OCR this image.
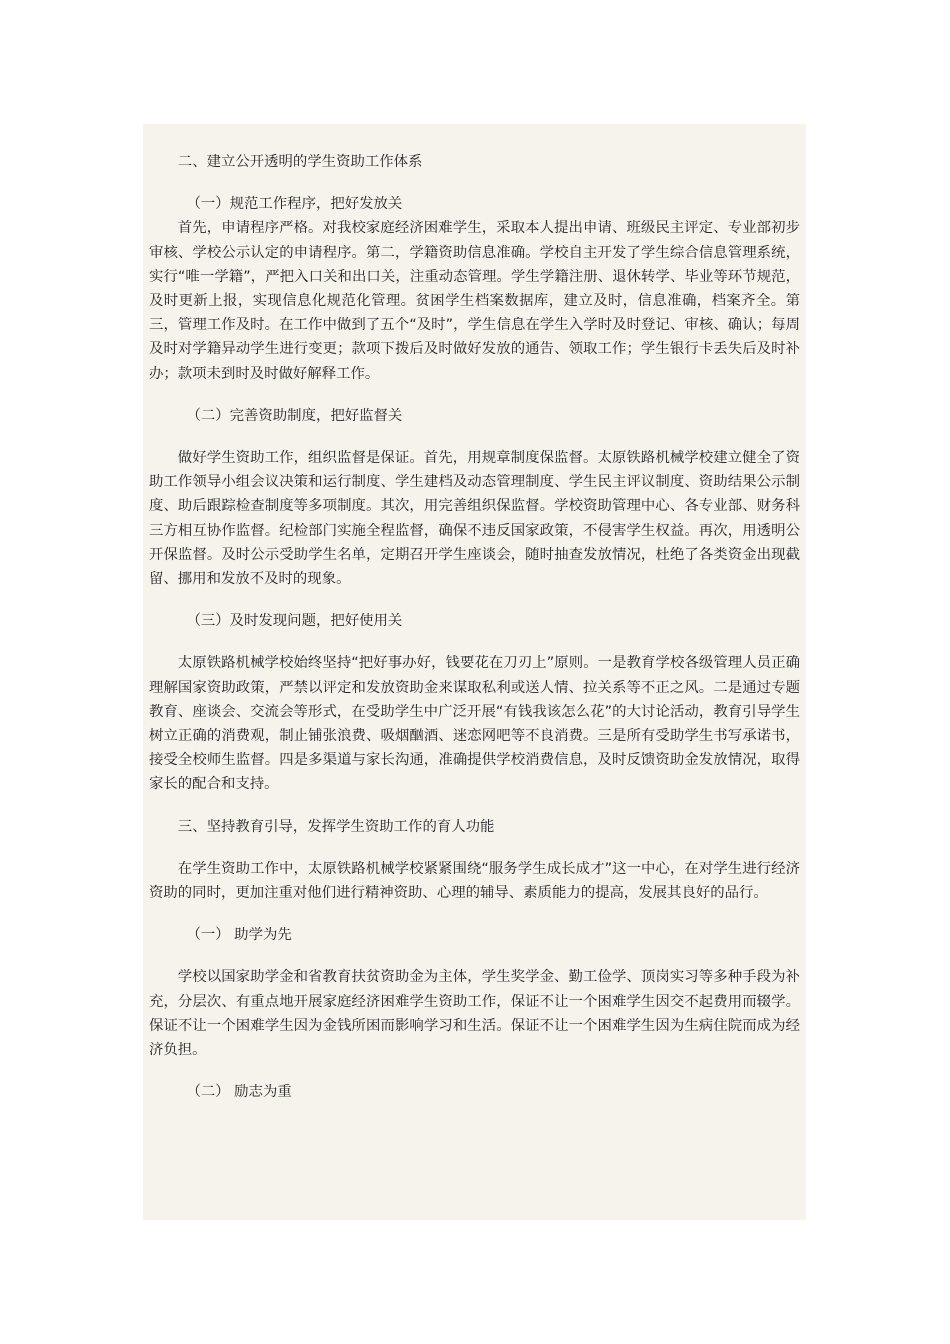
二、建立公开透明的学生资助工作体系

（一）规范工作程序，把好发放关

首先，申请程序严格。对我校家庭经济困难学生，采取本人提出申请、班级民主评定、专业部初步审核、学校公示认定的申请程序。第二，学籍资助信息准确。学校自主开发了学生综合信息管理系统，实行“唯一学籍”，严把入口关和出口关，注重动态管理。学生学籍注册、退休转学、毕业等环节规范，及时更新上报，实现信息化规范化管理。贫困学生档案数据库，建立及时，信息准确，档案齐全。第三，管理工作及时。在工作中做到了五个“及时”，学生信息在学生入学时及时登记、审核、确认；每周及时对学籍异动学生进行变更；款项下拨后及时做好发放的通告、领取工作；学生银行卡丢失后及时补办；款项未到时及时做好解释工作。

（二）完善资助制度，把好监督关

做好学生资助工作，组织监督是保证。首先，用规章制度保监督。太原铁路机械学校建立健全了资助工作领导小组会议决策和运行制度、学生建档及动态管理制度、学生民主评议制度、资助结果公示制度、助后跟踪检查制度等多项制度。其次，用完善组织保监督。学校资助管理中心、各专业部、财务科三方相互协作监督。纪检部门实施全程监督，确保不违反国家政策，不侵害学生权益。再次，用透明公开保监督。及时公示受助学生名单，定期召开学生座谈会，随时抽查发放情况，杜绝了各类资金出现截留、挪用和发放不及时的现象。

（三）及时发现问题，把好使用关

太原铁路机械学校始终坚持“把好事办好，钱要花在刀刃上”原则。一是教育学校各级管理人员正确理解国家资助政策，严禁以评定和发放资助金来谋取私利或送人情、拉关系等不正之风。二是通过专题教育、座谈会、交流会等形式，在受助学生中广泛开展“有钱我该怎么花”的大讨论活动，教育引导学生树立正确的消费观，制止铺张浪费、吸烟酗酒、迷恋网吧等不良消费。三是所有受助学生书写承诺书，接受全校师生监督。四是多渠道与家长沟通，准确提供学校消费信息，及时反馈资助金发放情况，取得家长的配合和支持。

三、坚持教育引导，发挥学生资助工作的育人功能

在学生资助工作中，太原铁路机械学校紧紧围绕“服务学生成长成才”这一中心，在对学生进行经济资助的同时，更加注重对他们进行精神资助、心理的辅导、素质能力的提高，发展其良好的品行。

（一） 助学为先

学校以国家助学金和省教育扶贫资助金为主体，学生奖学金、勤工俭学、顶岗实习等多种手段为补充，分层次、有重点地开展家庭经济困难学生资助工作，保证不让一个困难学生因交不起费用而辍学。保证不让一个困难学生因为金钱所困而影响学习和生活。保证不让一个困难学生因为生病住院而成为经济负担。

（二） 励志为重
